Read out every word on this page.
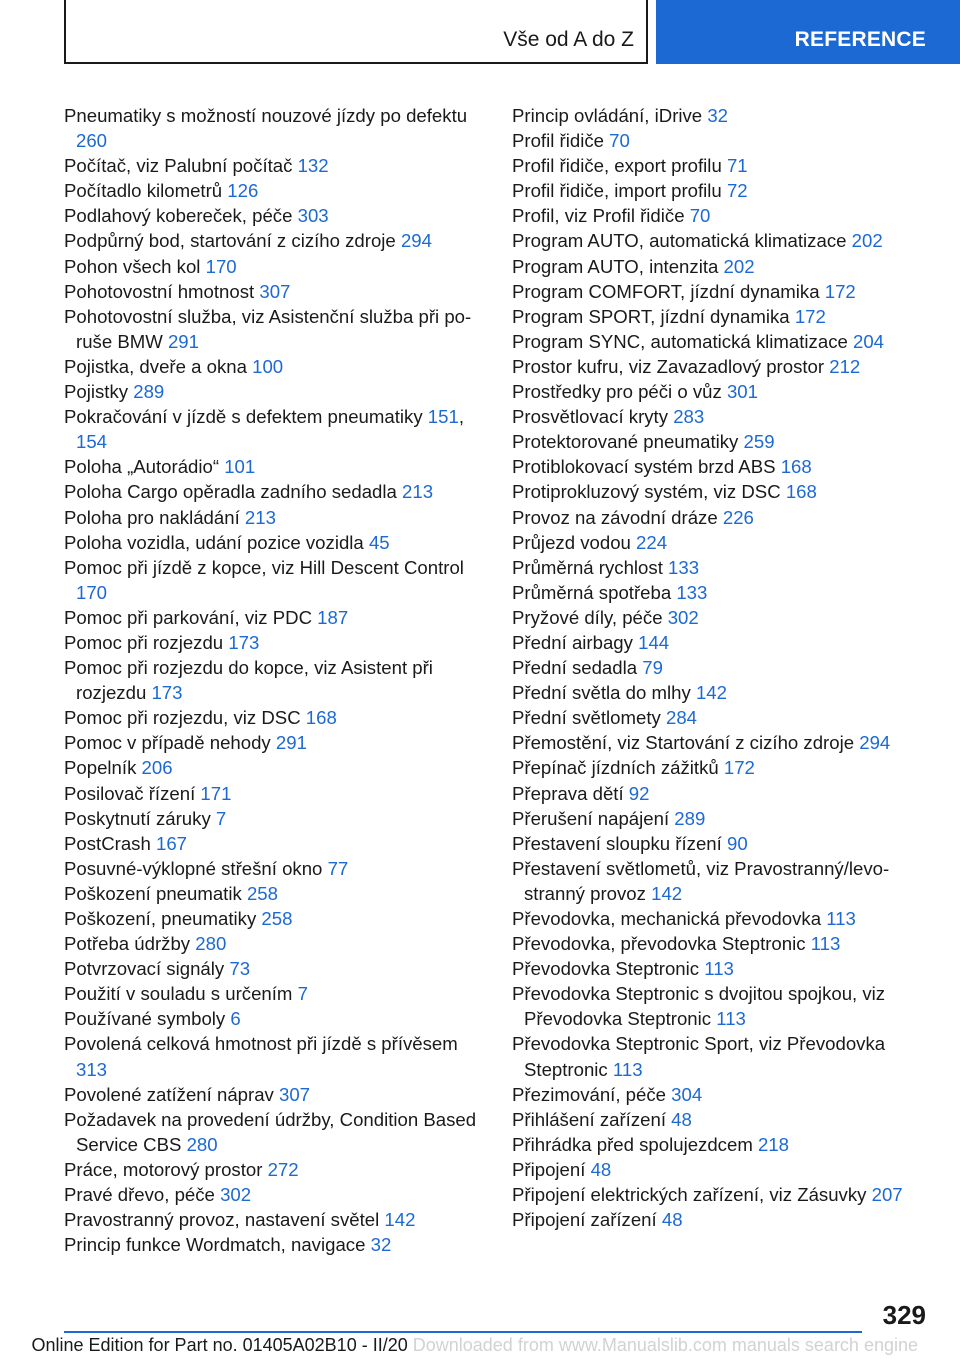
Vše od A do Z	REFERENCE
Pneumatiky s možností nouzové jízdy po defektu 260
Počítač, viz Palubní počítač 132
Počítadlo kilometrů 126
Podlahový kobereček, péče 303
Podpůrný bod, startování z cizího zdroje 294
Pohon všech kol 170
Pohotovostní hmotnost 307
Pohotovostní služba, viz Asistenční služba při poruše BMW 291
Pojistka, dveře a okna 100
Pojistky 289
Pokračování v jízdě s defektem pneumatiky 151, 154
Poloha „Autorádio“ 101
Poloha Cargo opěradla zadního sedadla 213
Poloha pro nakládání 213
Poloha vozidla, udání pozice vozidla 45
Pomoc při jízdě z kopce, viz Hill Descent Control 170
Pomoc při parkování, viz PDC 187
Pomoc při rozjezdu 173
Pomoc při rozjezdu do kopce, viz Asistent při rozjezdu 173
Pomoc při rozjezdu, viz DSC 168
Pomoc v případě nehody 291
Popelník 206
Posilovač řízení 171
Poskytnutí záruky 7
PostCrash 167
Posuvné-výklopné střešní okno 77
Poškození pneumatik 258
Poškození, pneumatiky 258
Potřeba údržby 280
Potvrzovací signály 73
Použití v souladu s určením 7
Používané symboly 6
Povolená celková hmotnost při jízdě s přívěsem 313
Povolené zatížení náprav 307
Požadavek na provedení údržby, Condition Based Service CBS 280
Práce, motorový prostor 272
Pravé dřevo, péče 302
Pravostranný provoz, nastavení světel 142
Princip funkce Wordmatch, navigace 32
Princip ovládání, iDrive 32
Profil řidiče 70
Profil řidiče, export profilu 71
Profil řidiče, import profilu 72
Profil, viz Profil řidiče 70
Program AUTO, automatická klimatizace 202
Program AUTO, intenzita 202
Program COMFORT, jízdní dynamika 172
Program SPORT, jízdní dynamika 172
Program SYNC, automatická klimatizace 204
Prostor kufru, viz Zavazadlový prostor 212
Prostředky pro péči o vůz 301
Prosvětlovací kryty 283
Protektorované pneumatiky 259
Protiblokovací systém brzd ABS 168
Protiprokluzový systém, viz DSC 168
Provoz na závodní dráze 226
Průjezd vodou 224
Průměrná rychlost 133
Průměrná spotřeba 133
Pryžové díly, péče 302
Přední airbagy 144
Přední sedadla 79
Přední světla do mlhy 142
Přední světlomety 284
Přemostění, viz Startování z cizího zdroje 294
Přepínač jízdních zážitků 172
Přeprava dětí 92
Přerušení napájení 289
Přestavení sloupku řízení 90
Přestavení světlometů, viz Pravostranný/levostranný provoz 142
Převodovka, mechanická převodovka 113
Převodovka, převodovka Steptronic 113
Převodovka Steptronic 113
Převodovka Steptronic s dvojitou spojkou, viz Převodovka Steptronic 113
Převodovka Steptronic Sport, viz Převodovka Steptronic 113
Přezimování, péče 304
Přihlášení zařízení 48
Přihrádka před spolujezdcem 218
Připojení 48
Připojení elektrických zařízení, viz Zásuvky 207
Připojení zařízení 48
329
Online Edition for Part no. 01405A02B10 - II/20 Downloaded from www.Manualslib.com manuals search engine
